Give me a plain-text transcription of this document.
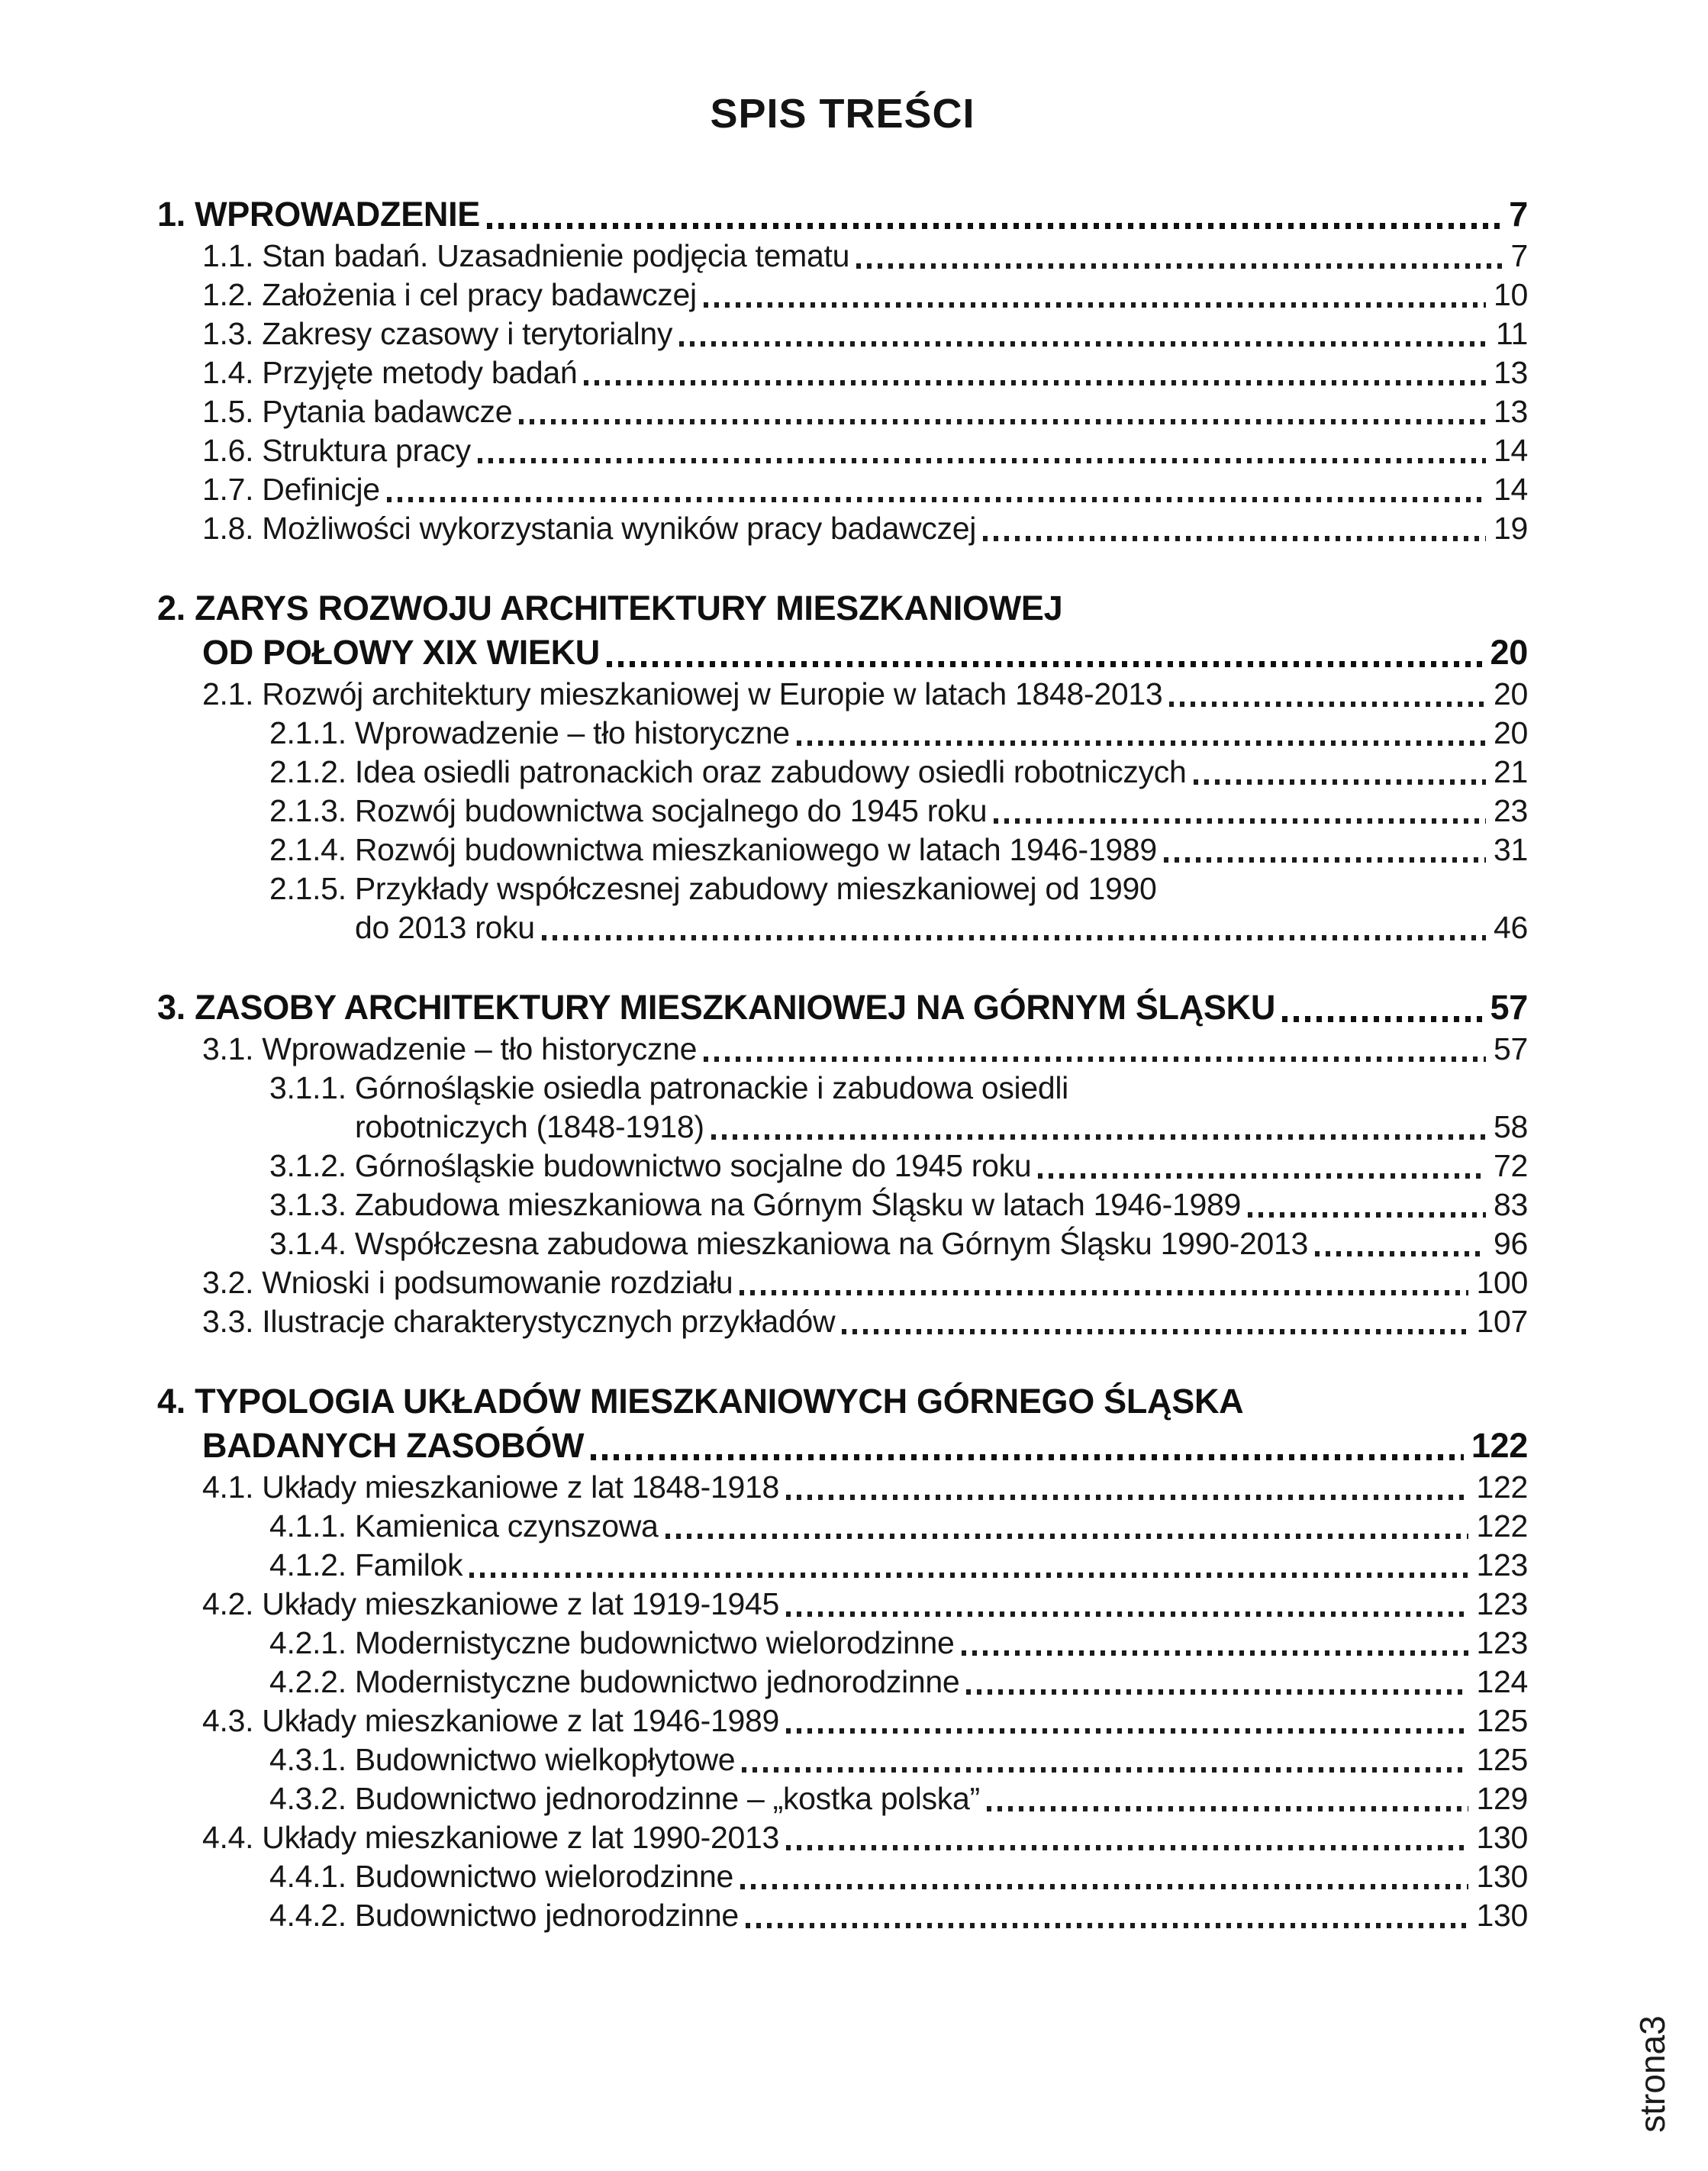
SPIS TREŚCI
1. WPROWADZENIE	7
1.1. Stan badań. Uzasadnienie podjęcia tematu	7
1.2. Założenia i cel pracy badawczej	10
1.3. Zakresy czasowy i terytorialny	11
1.4. Przyjęte metody badań	13
1.5. Pytania badawcze	13
1.6. Struktura pracy	14
1.7. Definicje	14
1.8. Możliwości wykorzystania wyników pracy badawczej	19
2. ZARYS ROZWOJU ARCHITEKTURY MIESZKANIOWEJ
OD POŁOWY XIX WIEKU	20
2.1. Rozwój architektury mieszkaniowej w Europie w latach 1848-2013	20
2.1.1. Wprowadzenie – tło historyczne	20
2.1.2. Idea osiedli patronackich oraz zabudowy osiedli robotniczych	21
2.1.3. Rozwój budownictwa socjalnego do 1945 roku	23
2.1.4. Rozwój budownictwa mieszkaniowego w latach 1946-1989	31
2.1.5. Przykłady współczesnej zabudowy mieszkaniowej od 1990
do 2013 roku	46
3. ZASOBY ARCHITEKTURY MIESZKANIOWEJ NA GÓRNYM ŚLĄSKU	57
3.1. Wprowadzenie – tło historyczne	57
3.1.1. Górnośląskie osiedla patronackie i zabudowa osiedli
robotniczych (1848-1918)	58
3.1.2. Górnośląskie budownictwo socjalne do 1945 roku	72
3.1.3. Zabudowa mieszkaniowa na Górnym Śląsku w latach 1946-1989	83
3.1.4. Współczesna zabudowa mieszkaniowa na Górnym Śląsku 1990-2013	96
3.2. Wnioski i podsumowanie rozdziału	100
3.3. Ilustracje charakterystycznych przykładów	107
4. TYPOLOGIA UKŁADÓW MIESZKANIOWYCH GÓRNEGO ŚLĄSKA
BADANYCH ZASOBÓW	122
4.1. Układy mieszkaniowe z lat 1848-1918	122
4.1.1. Kamienica czynszowa	122
4.1.2. Familok	123
4.2. Układy mieszkaniowe z lat 1919-1945	123
4.2.1. Modernistyczne budownictwo wielorodzinne	123
4.2.2. Modernistyczne budownictwo jednorodzinne	124
4.3. Układy mieszkaniowe z lat 1946-1989	125
4.3.1. Budownictwo wielkopłytowe	125
4.3.2. Budownictwo jednorodzinne – „kostka polska”	129
4.4. Układy mieszkaniowe z lat 1990-2013	130
4.4.1. Budownictwo wielorodzinne	130
4.4.2. Budownictwo jednorodzinne	130
strona3
